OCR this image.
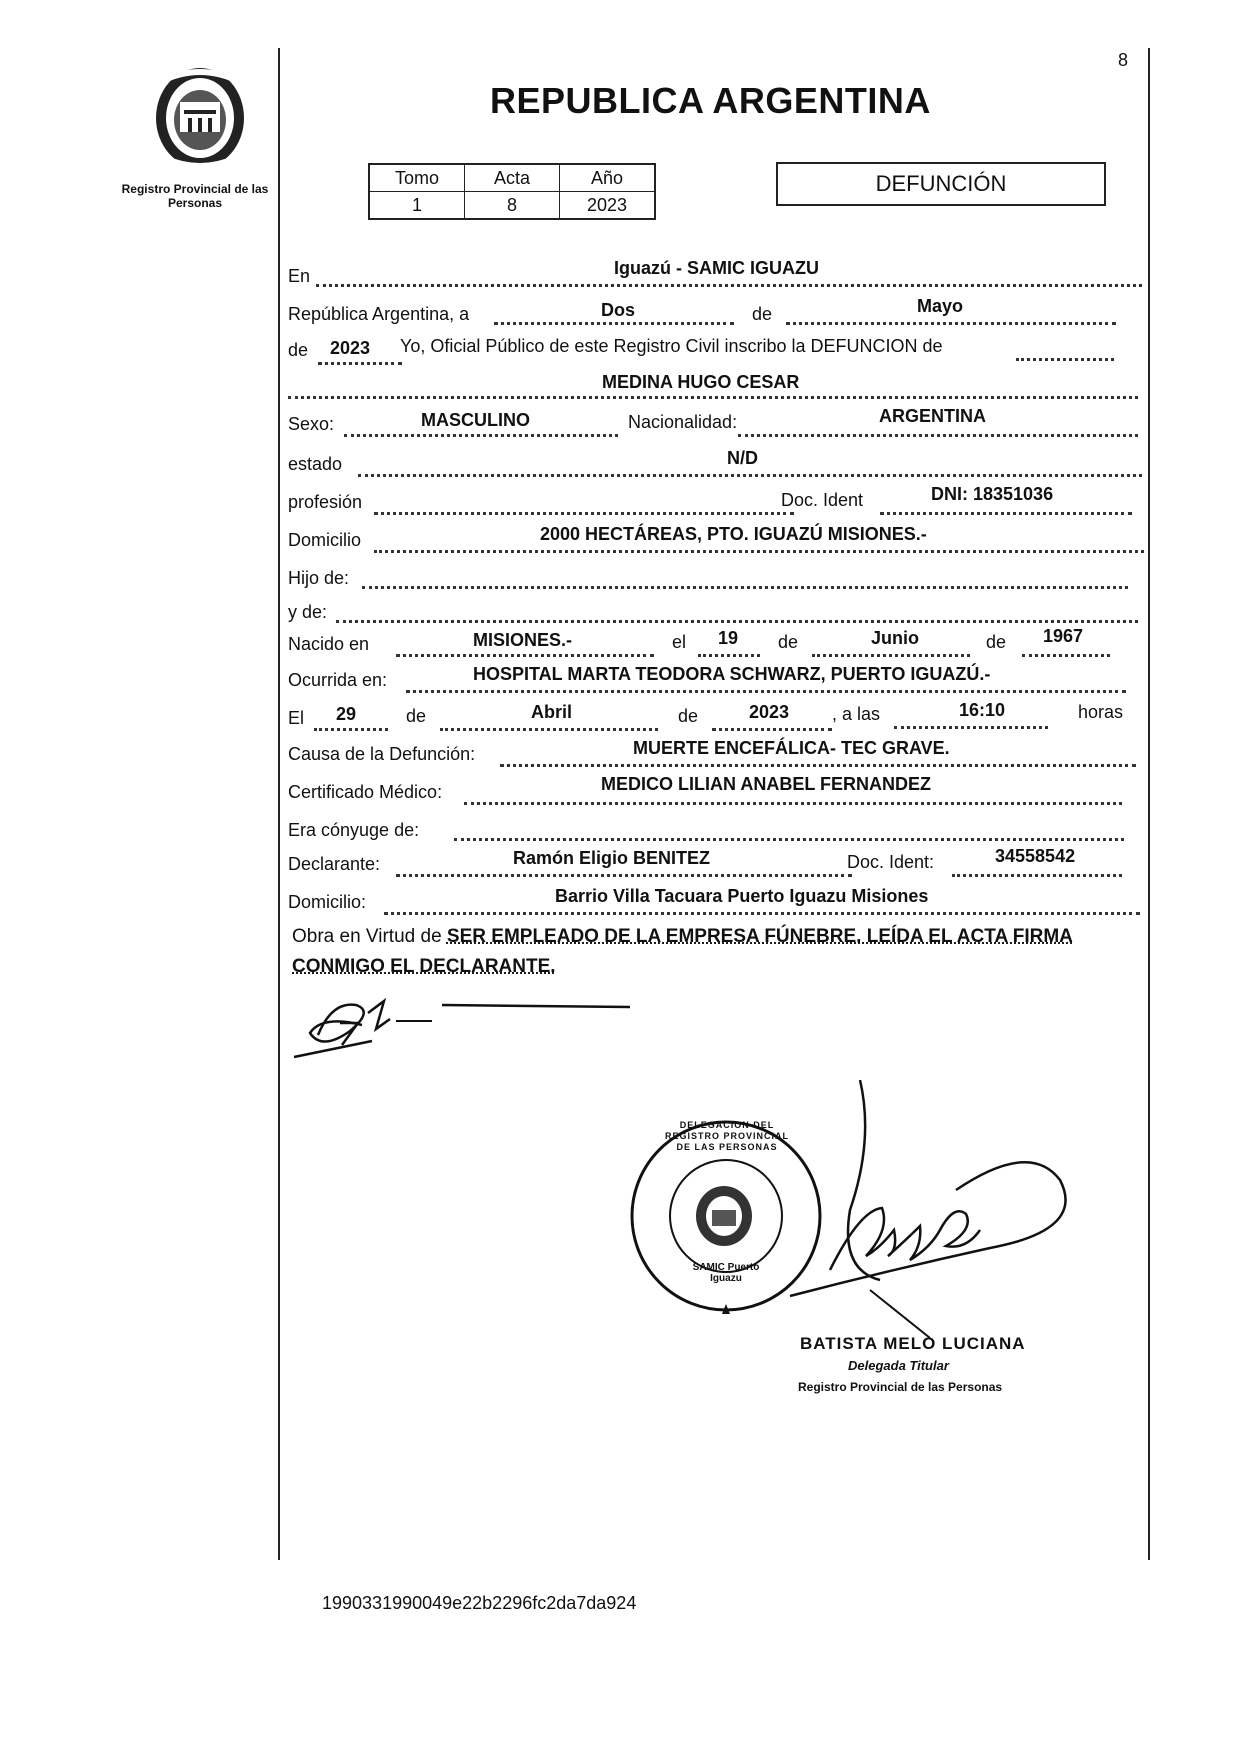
Registro Provincial de las Personas
8
REPUBLICA ARGENTINA
Tomo	Acta	Año
1	8	2023
DEFUNCIÓN
En	Iguazú - SAMIC IGUAZU
República Argentina, a	Dos	de	Mayo
de 2023 Yo, Oficial Público de este Registro Civil inscribo la DEFUNCION de
MEDINA HUGO CESAR
Sexo:	MASCULINO	Nacionalidad:	ARGENTINA
estado	N/D
profesión	Doc. Ident	DNI: 18351036
Domicilio	2000 HECTÁREAS, PTO. IGUAZÚ MISIONES.-
Hijo de:
y de:
Nacido en	MISIONES.-	el 19 de	Junio	de 1967
Ocurrida en:	HOSPITAL MARTA TEODORA SCHWARZ, PUERTO IGUAZÚ.-
El 29	de	Abril	de	2023 , a las	16:10	horas
Causa de la Defunción:	MUERTE ENCEFÁLICA- TEC GRAVE.
Certificado Médico:	MEDICO LILIAN ANABEL FERNANDEZ
Era cónyuge de:
Declarante:	Ramón Eligio BENITEZ	Doc. Ident:	34558542
Domicilio:	Barrio Villa Tacuara Puerto Iguazu Misiones
Obra en Virtud de SER EMPLEADO DE LA EMPRESA FÚNEBRE. LEÍDA EL ACTA FIRMA CONMIGO EL DECLARANTE.
DELEGACION DEL REGISTRO PROVINCIAL DE LAS PERSONAS
SAMIC Puerto Iguazu
BATISTA MELO LUCIANA
Delegada Titular
Registro Provincial de las Personas
1990331990049e22b2296fc2da7da924
